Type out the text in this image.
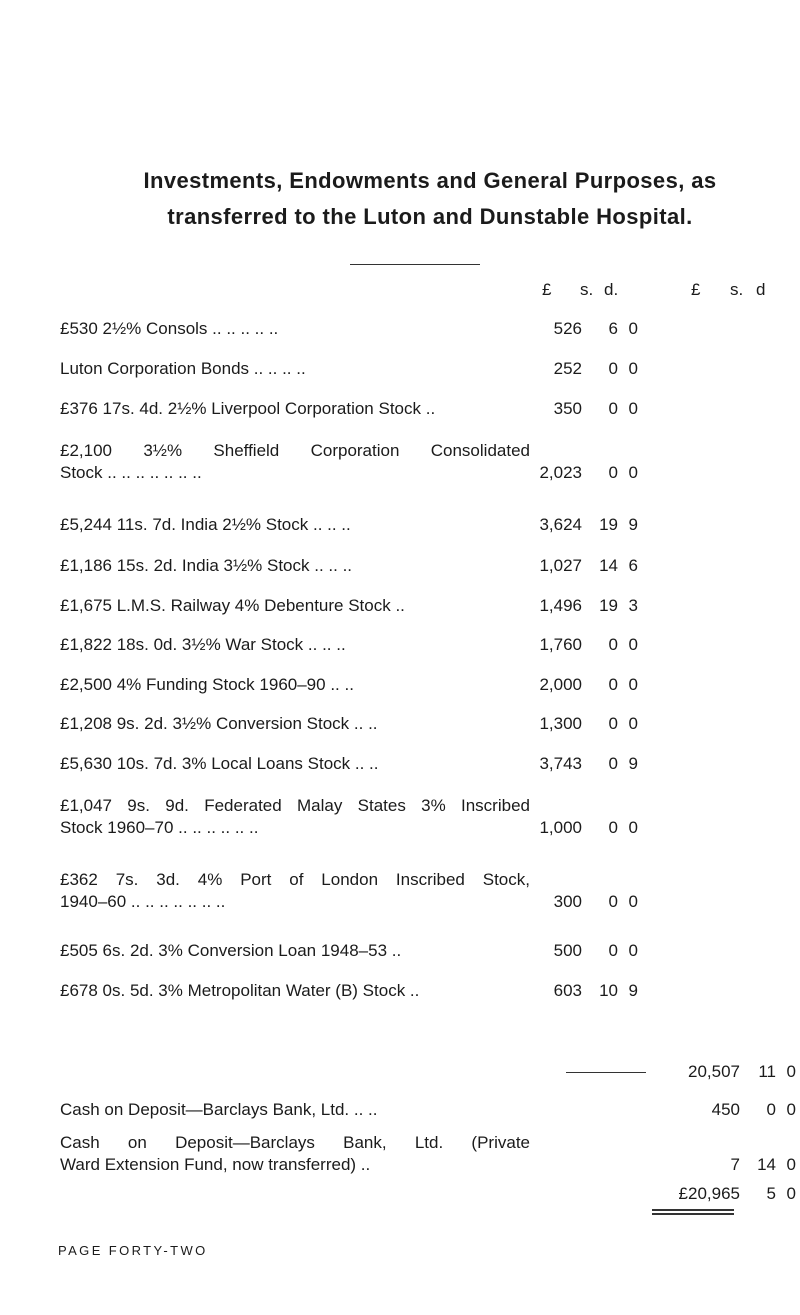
Investments, Endowments and General Purposes, as
transferred to the Luton and Dunstable Hospital.
£ s. d.	£ s. d
£530 2½% Consols .. .. .. .. ..	526	6 0
Luton Corporation Bonds .. .. .. ..	252	0 0
£376 17s. 4d. 2½% Liverpool Corporation Stock ..	350	0 0
£2,100 3½% Sheffield Corporation Consolidated
Stock .. .. .. .. .. .. ..	2,023	0 0
£5,244 11s. 7d. India 2½% Stock .. .. ..	3,624	19 9
£1,186 15s. 2d. India 3½% Stock .. .. ..	1,027	14 6
£1,675 L.M.S. Railway 4% Debenture Stock ..	1,496	19 3
£1,822 18s. 0d. 3½% War Stock .. .. ..	1,760	0 0
£2,500 4% Funding Stock 1960–90 .. ..	2,000	0 0
£1,208 9s. 2d. 3½% Conversion Stock .. ..	1,300	0 0
£5,630 10s. 7d. 3% Local Loans Stock .. ..	3,743	0 9
£1,047 9s. 9d. Federated Malay States 3% Inscribed
Stock 1960–70 .. .. .. .. .. ..	1,000	0 0
£362 7s. 3d. 4% Port of London Inscribed Stock,
1940–60 .. .. .. .. .. .. ..	300	0 0
£505 6s. 2d. 3% Conversion Loan 1948–53 ..	500	0 0
£678 0s. 5d. 3% Metropolitan Water (B) Stock ..	603	10 9
20,507	11 0
Cash on Deposit—Barclays Bank, Ltd. .. ..	450	0 0
Cash on Deposit—Barclays Bank, Ltd. (Private
Ward Extension Fund, now transferred) ..	7	14 0
£20,965	5 0
PAGE FORTY-TWO
